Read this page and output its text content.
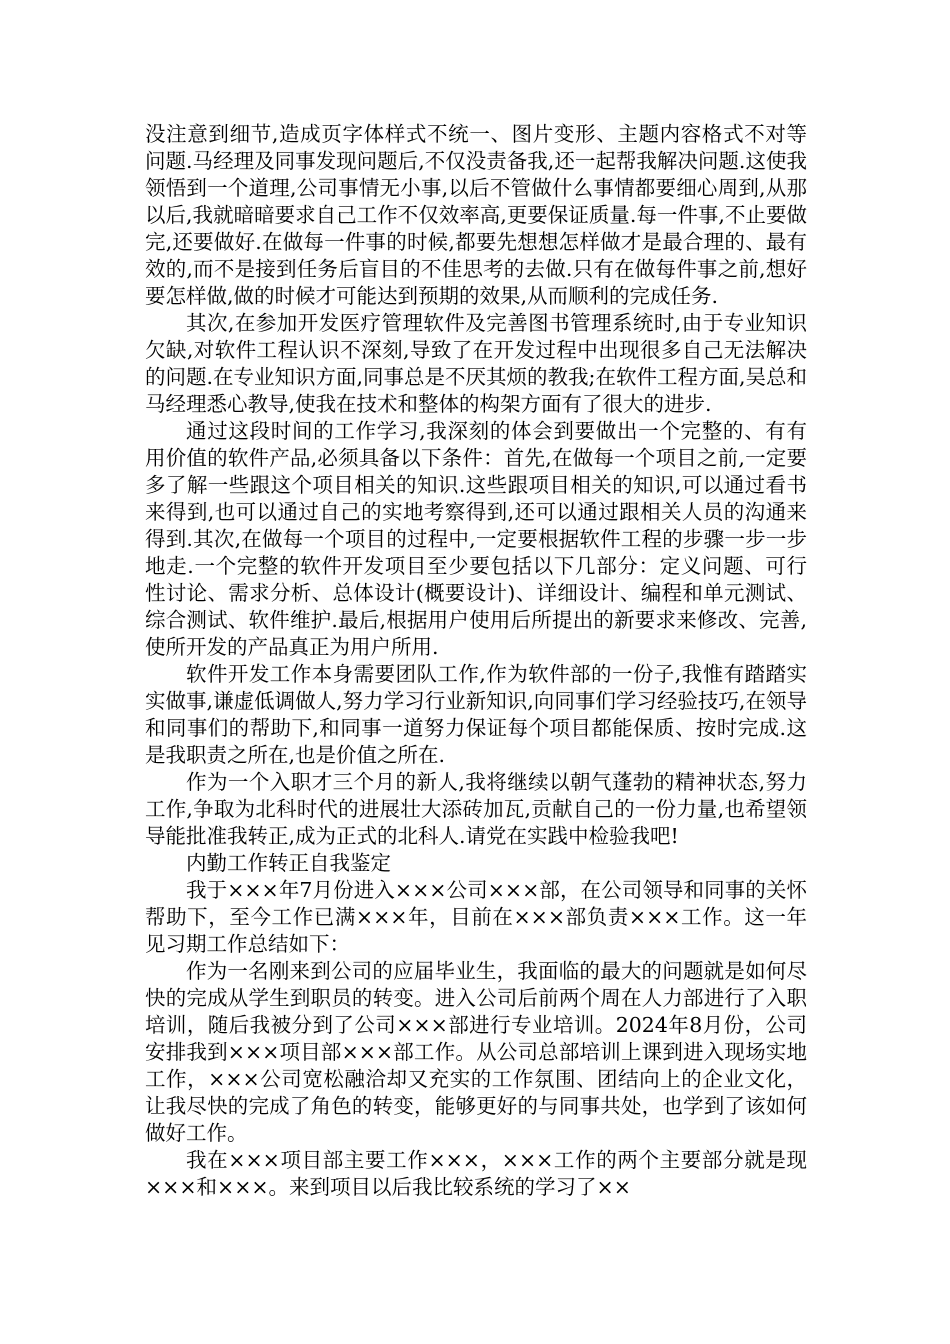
没注意到细节,造成页字体样式不统一、图片变形、主题内容格式不对等问题.马经理及同事发现问题后,不仅没责备我,还一起帮我解决问题.这使我领悟到一个道理,公司事情无小事,以后不管做什么事情都要细心周到,从那以后,我就暗暗要求自己工作不仅效率高,更要保证质量.每一件事,不止要做完,还要做好.在做每一件事的时候,都要先想想怎样做才是最合理的、最有效的,而不是接到任务后盲目的不佳思考的去做.只有在做每件事之前,想好要怎样做,做的时候才可能达到预期的效果,从而顺利的完成任务.

其次,在参加开发医疗管理软件及完善图书管理系统时,由于专业知识欠缺,对软件工程认识不深刻,导致了在开发过程中出现很多自己无法解决的问题.在专业知识方面,同事总是不厌其烦的教我;在软件工程方面,吴总和马经理悉心教导,使我在技术和整体的构架方面有了很大的进步.

通过这段时间的工作学习,我深刻的体会到要做出一个完整的、有有用价值的软件产品,必须具备以下条件：首先,在做每一个项目之前,一定要多了解一些跟这个项目相关的知识.这些跟项目相关的知识,可以通过看书来得到,也可以通过自己的实地考察得到,还可以通过跟相关人员的沟通来得到.其次,在做每一个项目的过程中,一定要根据软件工程的步骤一步一步地走.一个完整的软件开发项目至少要包括以下几部分：定义问题、可行性讨论、需求分析、总体设计(概要设计)、详细设计、编程和单元测试、综合测试、软件维护.最后,根据用户使用后所提出的新要求来修改、完善,使所开发的产品真正为用户所用.

软件开发工作本身需要团队工作,作为软件部的一份子,我惟有踏踏实实做事,谦虚低调做人,努力学习行业新知识,向同事们学习经验技巧,在领导和同事们的帮助下,和同事一道努力保证每个项目都能保质、按时完成.这是我职责之所在,也是价值之所在.

作为一个入职才三个月的新人,我将继续以朝气蓬勃的精神状态,努力工作,争取为北科时代的进展壮大添砖加瓦,贡献自己的一份力量,也希望领导能批准我转正,成为正式的北科人.请党在实践中检验我吧!

内勤工作转正自我鉴定

我于×××年7月份进入×××公司×××部，在公司领导和同事的关怀帮助下，至今工作已满×××年，目前在×××部负责×××工作。这一年见习期工作总结如下：

作为一名刚来到公司的应届毕业生，我面临的最大的问题就是如何尽快的完成从学生到职员的转变。进入公司后前两个周在人力部进行了入职培训，随后我被分到了公司×××部进行专业培训。2024年8月份，公司安排我到×××项目部×××部工作。从公司总部培训上课到进入现场实地工作，×××公司宽松融洽却又充实的工作氛围、团结向上的企业文化，让我尽快的完成了角色的转变，能够更好的与同事共处，也学到了该如何做好工作。

我在×××项目部主要工作×××，×××工作的两个主要部分就是现×××和×××。来到项目以后我比较系统的学习了××
